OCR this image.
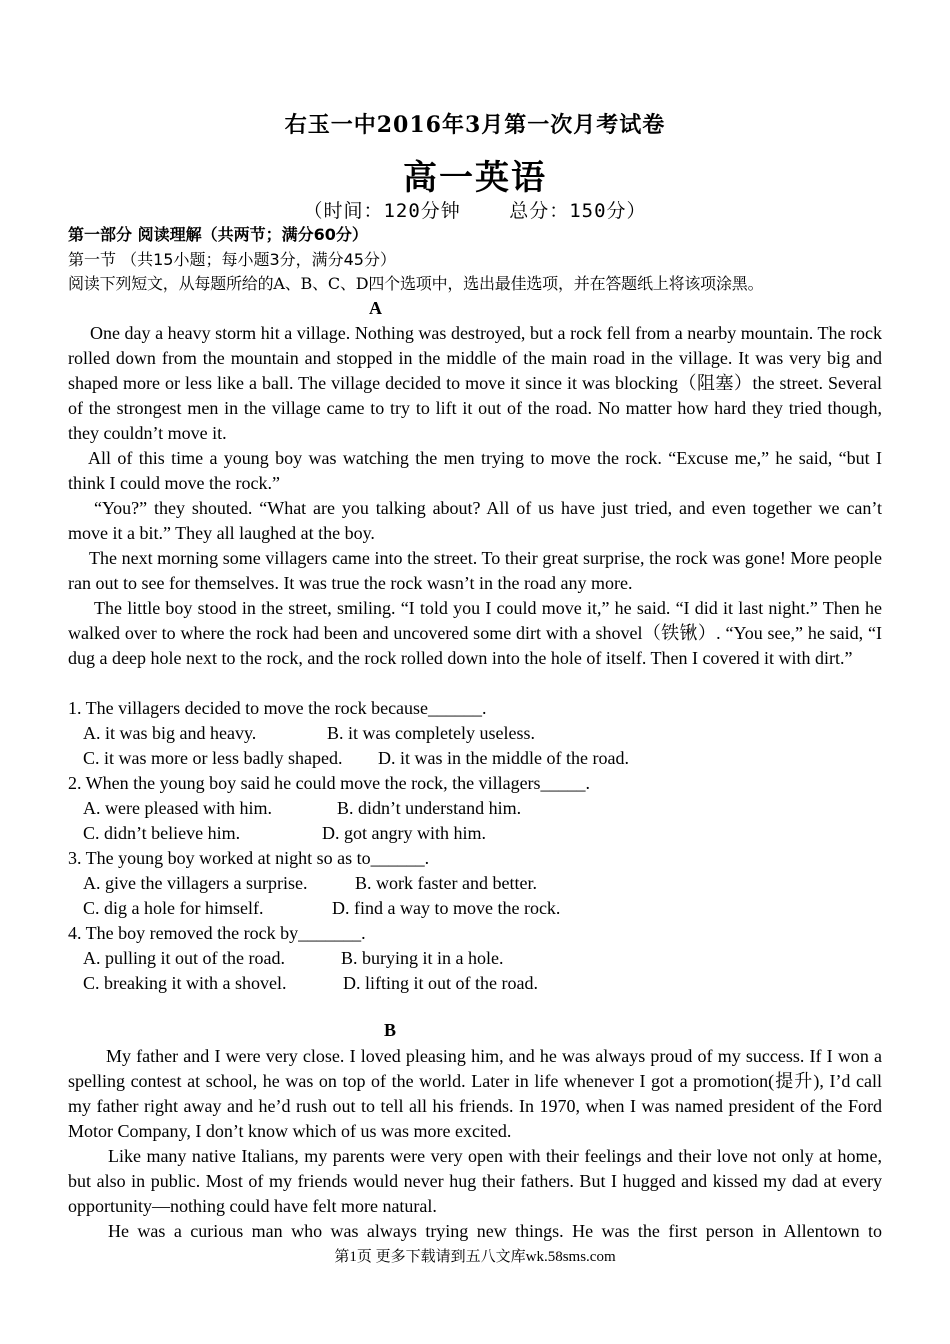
右玉一中2016年3月第一次月考试卷
高一英语
（时间：120分钟	总分：150分）
第一部分 阅读理解（共两节；满分60分）
第一节 （共15小题；每小题3分，满分45分）
阅读下列短文，从每题所给的A、B、C、D四个选项中，选出最佳选项，并在答题纸上将该项涂黑。
A
One day a heavy storm hit a village. Nothing was destroyed, but a rock fell from a nearby mountain. The rock rolled down from the mountain and stopped in the middle of the main road in the village. It was very big and shaped more or less like a ball. The village decided to move it since it was blocking（阻塞）the street. Several of the strongest men in the village came to try to lift it out of the road. No matter how hard they tried though, they couldn’t move it.
All of this time a young boy was watching the men trying to move the rock. “Excuse me,” he said, “but I think I could move the rock.”
“You?” they shouted. “What are you talking about? All of us have just tried, and even together we can’t move it a bit.” They all laughed at the boy.
The next morning some villagers came into the street. To their great surprise, the rock was gone! More people ran out to see for themselves. It was true the rock wasn’t in the road any more.
The little boy stood in the street, smiling. “I told you I could move it,” he said. “I did it last night.” Then he walked over to where the rock had been and uncovered some dirt with a shovel（铁锹）. “You see,” he said, “I dug a deep hole next to the rock, and the rock rolled down into the hole of itself. Then I covered it with dirt.”
1. The villagers decided to move the rock because______.
A. it was big and heavy.	B. it was completely useless.
C. it was more or less badly shaped. D. it was in the middle of the road.
2. When the young boy said he could move the rock, the villagers_____.
A. were pleased with him.	B. didn’t understand him.
C. didn’t believe him.	D. got angry with him.
3. The young boy worked at night so as to______.
A. give the villagers a surprise.	B. work faster and better.
C. dig a hole for himself.	D. find a way to move the rock.
4. The boy removed the rock by_______.
A. pulling it out of the road.	B. burying it in a hole.
C. breaking it with a shovel.	D. lifting it out of the road.
B
My father and I were very close. I loved pleasing him, and he was always proud of my success. If I won a spelling contest at school, he was on top of the world. Later in life whenever I got a promotion(提升), I’d call my father right away and he’d rush out to tell all his friends. In 1970, when I was named president of the Ford Motor Company, I don’t know which of us was more excited.
Like many native Italians, my parents were very open with their feelings and their love not only at home, but also in public. Most of my friends would never hug their fathers. But I hugged and kissed my dad at every opportunity—nothing could have felt more natural.
He was a curious man who was always trying new things. He was the first person in Allentown to
第1页 更多下载请到五八文库wk.58sms.com
